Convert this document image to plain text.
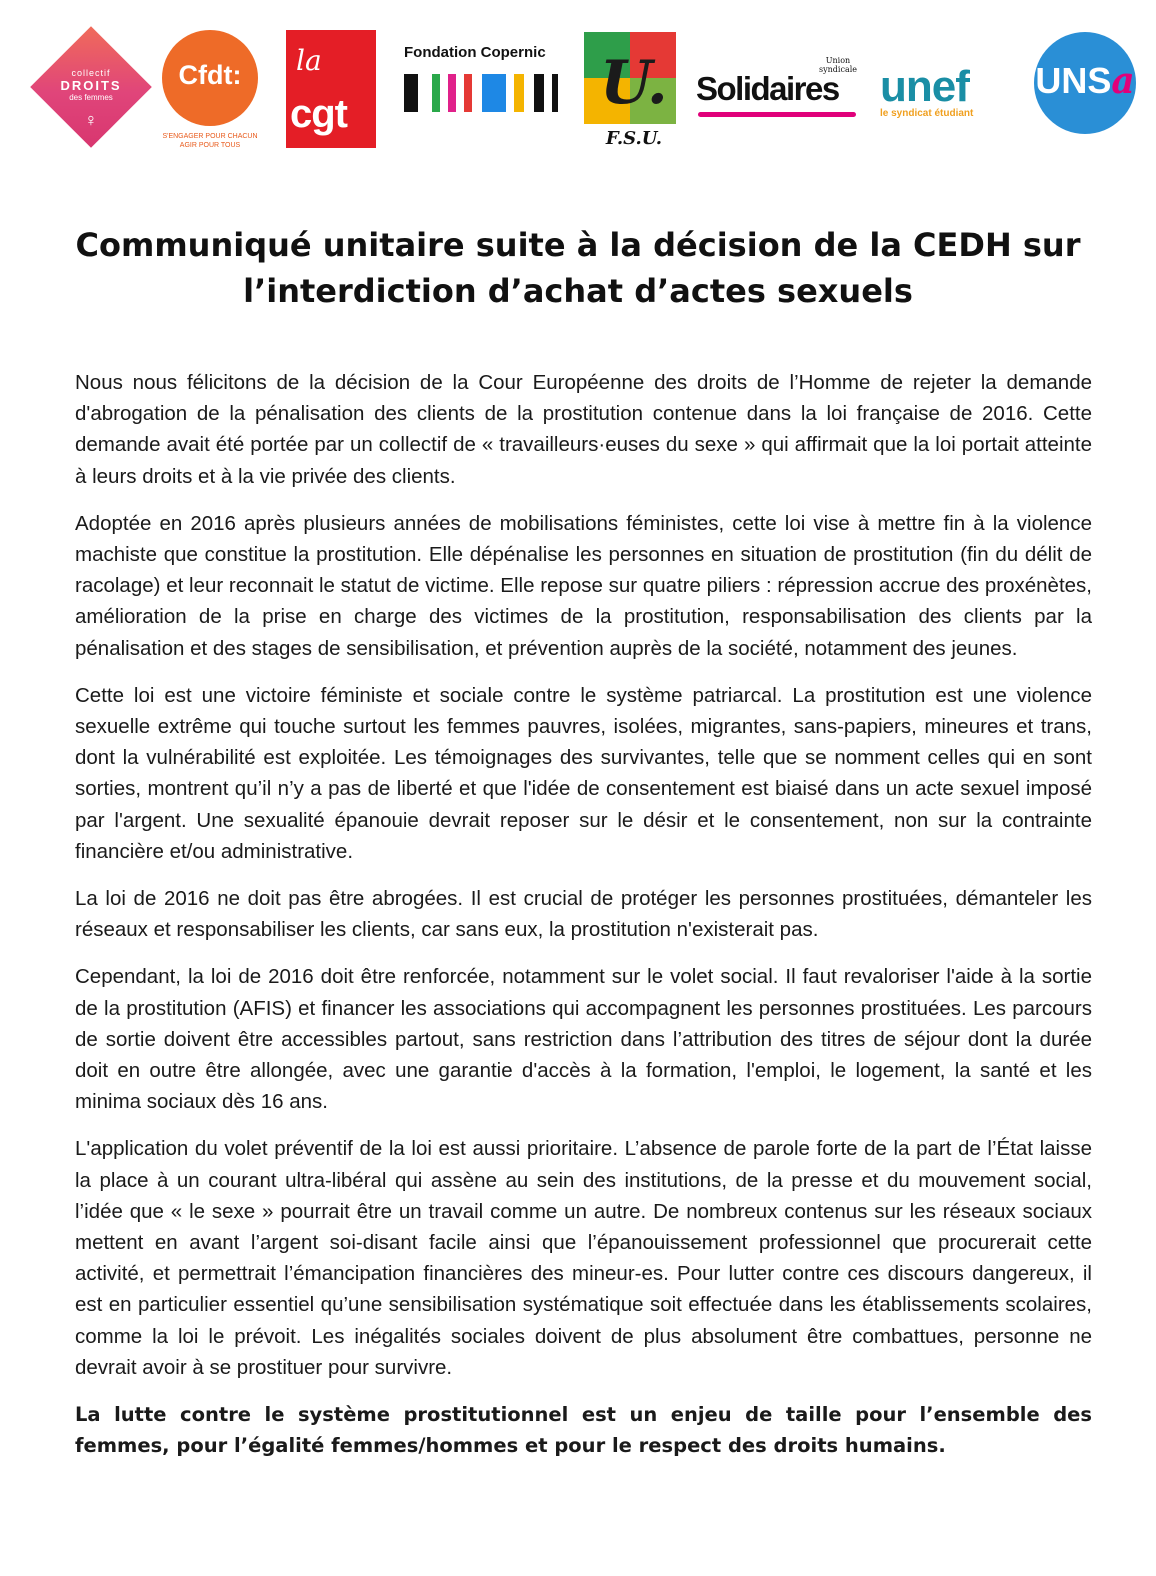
collectif
DROITS
des femmes
♀
Cfdt:
S'ENGAGER POUR CHACUN
AGIR POUR TOUS
la
cgt
Fondation Copernic U.
F.S.U.
Union
syndicale
Solidaires unef
le syndicat étudiant
UNSa
Communiqué unitaire suite à la décision de la CEDH sur
l’interdiction d’achat d’actes sexuels

Nous nous félicitons de la décision de la Cour Européenne des droits de l’Homme de rejeter la demande d'abrogation de la pénalisation des clients de la prostitution contenue dans la loi française de 2016. Cette demande avait été portée par un collectif de « travailleurs·euses du sexe » qui affirmait que la loi portait atteinte à leurs droits et à la vie privée des clients.

Adoptée en 2016 après plusieurs années de mobilisations féministes, cette loi vise à mettre fin à la violence machiste que constitue la prostitution. Elle dépénalise les personnes en situation de prostitution (fin du délit de racolage) et leur reconnait le statut de victime. Elle repose sur quatre piliers : répression accrue des proxénètes, amélioration de la prise en charge des victimes de la prostitution, responsabilisation des clients par la pénalisation et des stages de sensibilisation, et prévention auprès de la société, notamment des jeunes.

Cette loi est une victoire féministe et sociale contre le système patriarcal. La prostitution est une violence sexuelle extrême qui touche surtout les femmes pauvres, isolées, migrantes, sans-papiers, mineures et trans, dont la vulnérabilité est exploitée. Les témoignages des survivantes, telle que se nomment celles qui en sont sorties, montrent qu’il n’y a pas de liberté et que l'idée de consentement est biaisé dans un acte sexuel imposé par l'argent. Une sexualité épanouie devrait reposer sur le désir et le consentement, non sur la contrainte financière et/ou administrative.

La loi de 2016 ne doit pas être abrogées. Il est crucial de protéger les personnes prostituées, démanteler les réseaux et responsabiliser les clients, car sans eux, la prostitution n'existerait pas.

Cependant, la loi de 2016 doit être renforcée, notamment sur le volet social. Il faut revaloriser l'aide à la sortie de la prostitution (AFIS) et financer les associations qui accompagnent les personnes prostituées. Les parcours de sortie doivent être accessibles partout, sans restriction dans l’attribution des titres de séjour dont la durée doit en outre être allongée, avec une garantie d'accès à la formation, l'emploi, le logement, la santé et les minima sociaux dès 16 ans.

L'application du volet préventif de la loi est aussi prioritaire. L’absence de parole forte de la part de l’État laisse la place à un courant ultra-libéral qui assène au sein des institutions, de la presse et du mouvement social, l’idée que « le sexe » pourrait être un travail comme un autre. De nombreux contenus sur les réseaux sociaux mettent en avant l’argent soi-disant facile ainsi que l’épanouissement professionnel que procurerait cette activité, et permettrait l’émancipation financières des mineur-es. Pour lutter contre ces discours dangereux, il est en particulier essentiel qu’une sensibilisation systématique soit effectuée dans les établissements scolaires, comme la loi le prévoit. Les inégalités sociales doivent de plus absolument être combattues, personne ne devrait avoir à se prostituer pour survivre.

La lutte contre le système prostitutionnel est un enjeu de taille pour l’ensemble des femmes, pour l’égalité femmes/hommes et pour le respect des droits humains.
